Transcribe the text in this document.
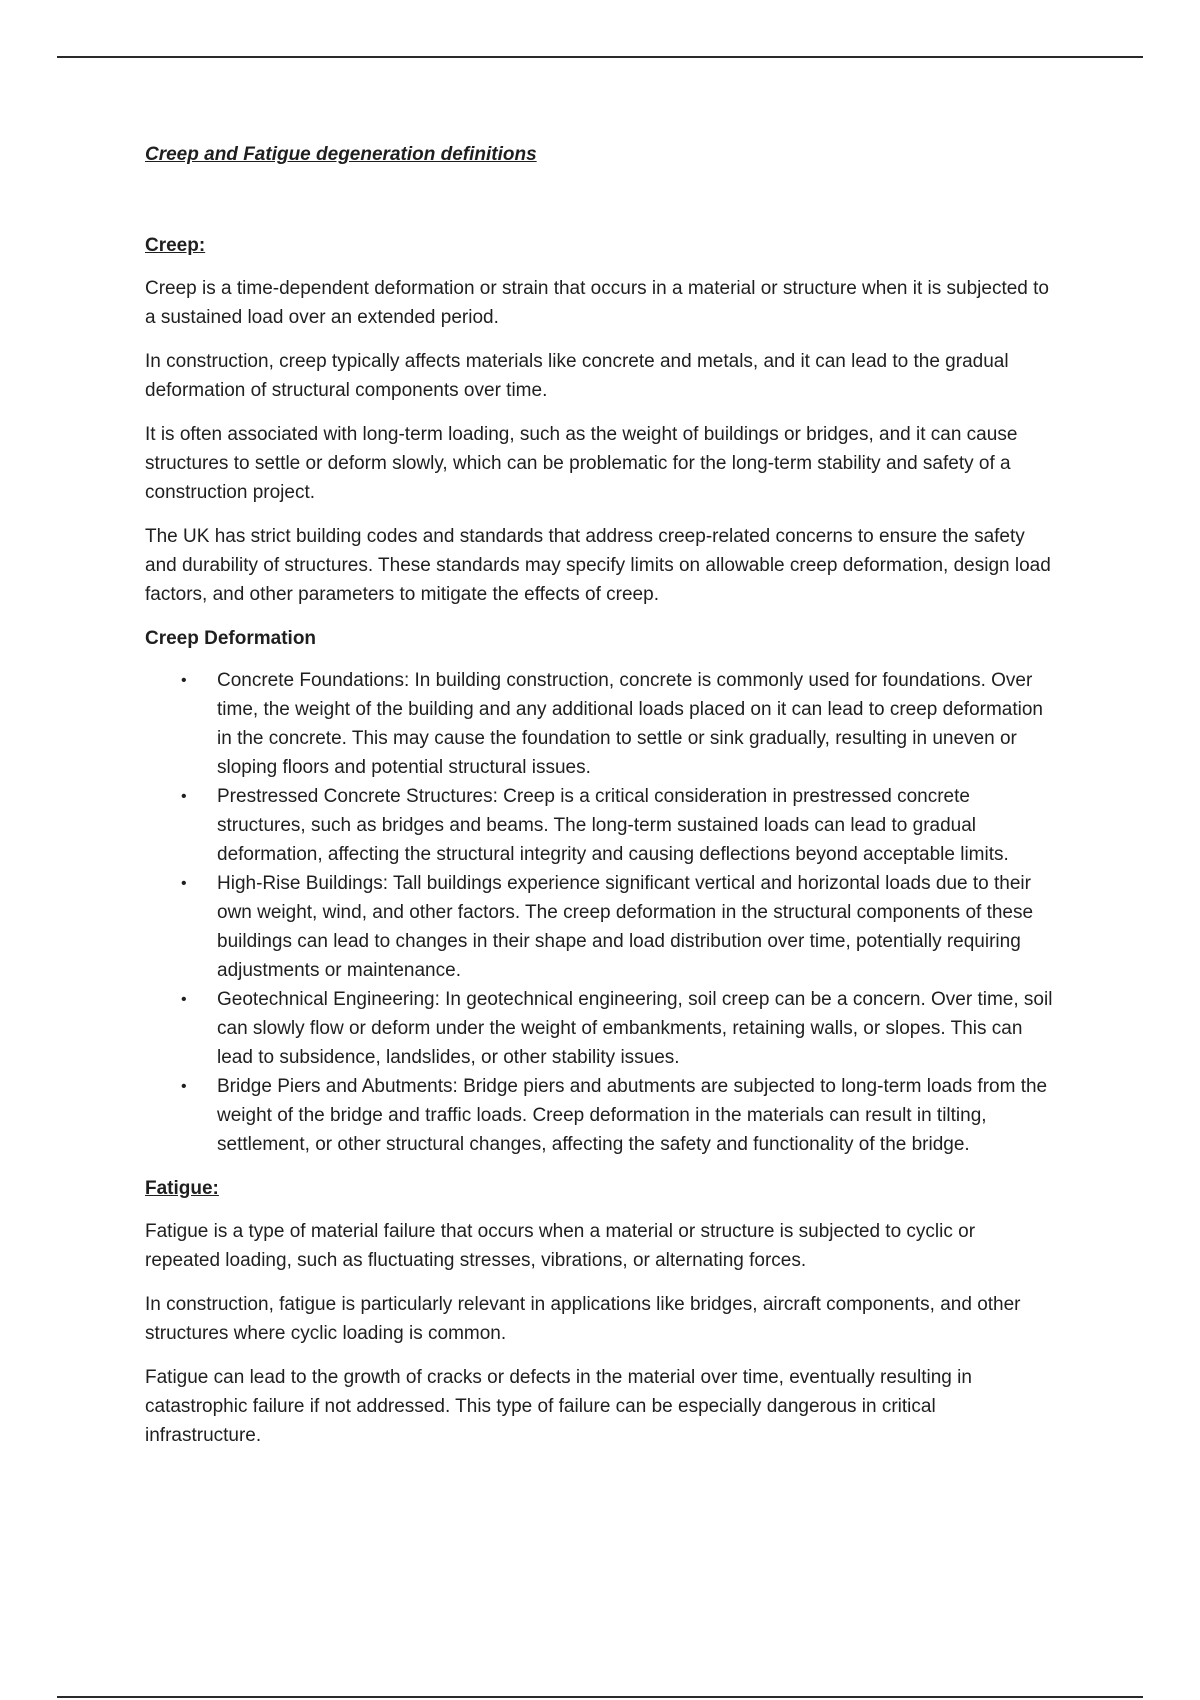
Creep and Fatigue degeneration definitions
Creep:

Creep is a time-dependent deformation or strain that occurs in a material or structure when it is subjected to a sustained load over an extended period.

In construction, creep typically affects materials like concrete and metals, and it can lead to the gradual deformation of structural components over time.

It is often associated with long-term loading, such as the weight of buildings or bridges, and it can cause structures to settle or deform slowly, which can be problematic for the long-term stability and safety of a construction project.

The UK has strict building codes and standards that address creep-related concerns to ensure the safety and durability of structures. These standards may specify limits on allowable creep deformation, design load factors, and other parameters to mitigate the effects of creep.

Creep Deformation
• Concrete Foundations: In building construction, concrete is commonly used for foundations. Over time, the weight of the building and any additional loads placed on it can lead to creep deformation in the concrete. This may cause the foundation to settle or sink gradually, resulting in uneven or sloping floors and potential structural issues.
• Prestressed Concrete Structures: Creep is a critical consideration in prestressed concrete structures, such as bridges and beams. The long-term sustained loads can lead to gradual deformation, affecting the structural integrity and causing deflections beyond acceptable limits.
• High-Rise Buildings: Tall buildings experience significant vertical and horizontal loads due to their own weight, wind, and other factors. The creep deformation in the structural components of these buildings can lead to changes in their shape and load distribution over time, potentially requiring adjustments or maintenance.
• Geotechnical Engineering: In geotechnical engineering, soil creep can be a concern. Over time, soil can slowly flow or deform under the weight of embankments, retaining walls, or slopes. This can lead to subsidence, landslides, or other stability issues.
• Bridge Piers and Abutments: Bridge piers and abutments are subjected to long-term loads from the weight of the bridge and traffic loads. Creep deformation in the materials can result in tilting, settlement, or other structural changes, affecting the safety and functionality of the bridge.
Fatigue:

Fatigue is a type of material failure that occurs when a material or structure is subjected to cyclic or repeated loading, such as fluctuating stresses, vibrations, or alternating forces.

In construction, fatigue is particularly relevant in applications like bridges, aircraft components, and other structures where cyclic loading is common.

Fatigue can lead to the growth of cracks or defects in the material over time, eventually resulting in catastrophic failure if not addressed. This type of failure can be especially dangerous in critical infrastructure.
